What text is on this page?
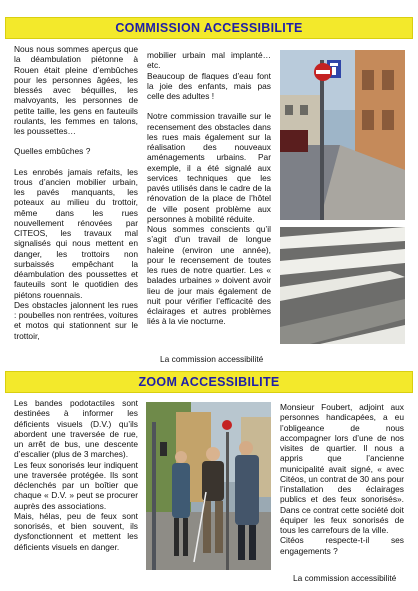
COMMISSION ACCESSIBILITE

Nous nous sommes aperçus que la déambulation piétonne à Rouen était pleine d’embûches pour les personnes âgées, les blessés avec béquilles, les malvoyants, les personnes de petite taille, les gens en fauteuils roulants, les femmes en talons, les poussettes…

Quelles embûches ?

Les enrobés jamais refaits, les trous d’ancien mobilier urbain, les pavés manquants, les poteaux au milieu du trottoir, même dans les rues nouvellement rénovées par CITEOS, les travaux mal signalisés qui nous mettent en danger, les trottoirs non surbaissés empêchant la déambulation des poussettes et fauteuils sont le quotidien des piétons rouennais.

Des obstacles jalonnent les rues : poubelles non rentrées, voitures et motos qui stationnent sur le trottoir,

mobilier urbain mal implanté… etc.

Beaucoup de flaques d’eau font la joie des enfants, mais pas celle des adultes !

Notre commission travaille sur le recensement des obstacles dans les rues mais également sur la réalisation des nouveaux aménagements urbains. Par exemple, il a été signalé aux services techniques que les pavés utilisés dans le cadre de la rénovation de la place de l’hôtel de ville posent problème aux personnes à mobilité réduite.

Nous sommes conscients qu’il s’agit d’un travail de longue haleine (environ une année), pour le recensement de toutes les rues de notre quartier. Les « balades urbaines » doivent avoir lieu de jour mais également de nuit pour vérifier l’efficacité des éclairages et autres problèmes liés à la vie nocturne.

La commission accessibilité
ZOOM ACCESSIBILITE

Les bandes podotactiles sont destinées à informer les déficients visuels (D.V.) qu’ils abordent une traversée de rue, un arrêt de bus, une descente d’escalier (plus de 3 marches).

Les feux sonorisés leur indiquent une traversée protégée. Ils sont déclenchés par un boîtier que chaque « D.V. » peut se procurer auprès des associations.

Mais, hélas, peu de feux sont sonorisés, et bien souvent, ils dysfonctionnent et mettent les déficients visuels en danger.

Monsieur Foubert, adjoint aux personnes handicapées, a eu l’obligeance de nous accompagner lors d’une de nos visites de quartier. Il nous a appris que l’ancienne municipalité avait signé, « avec Citéos, un contrat de 30 ans pour l’installation des éclairages publics et des feux sonorisés». Dans ce contrat cette société doit équiper les feux sonorisés de tous les carrefours de la ville.

Citéos respecte-t-il ses engagements ?

La commission accessibilité
